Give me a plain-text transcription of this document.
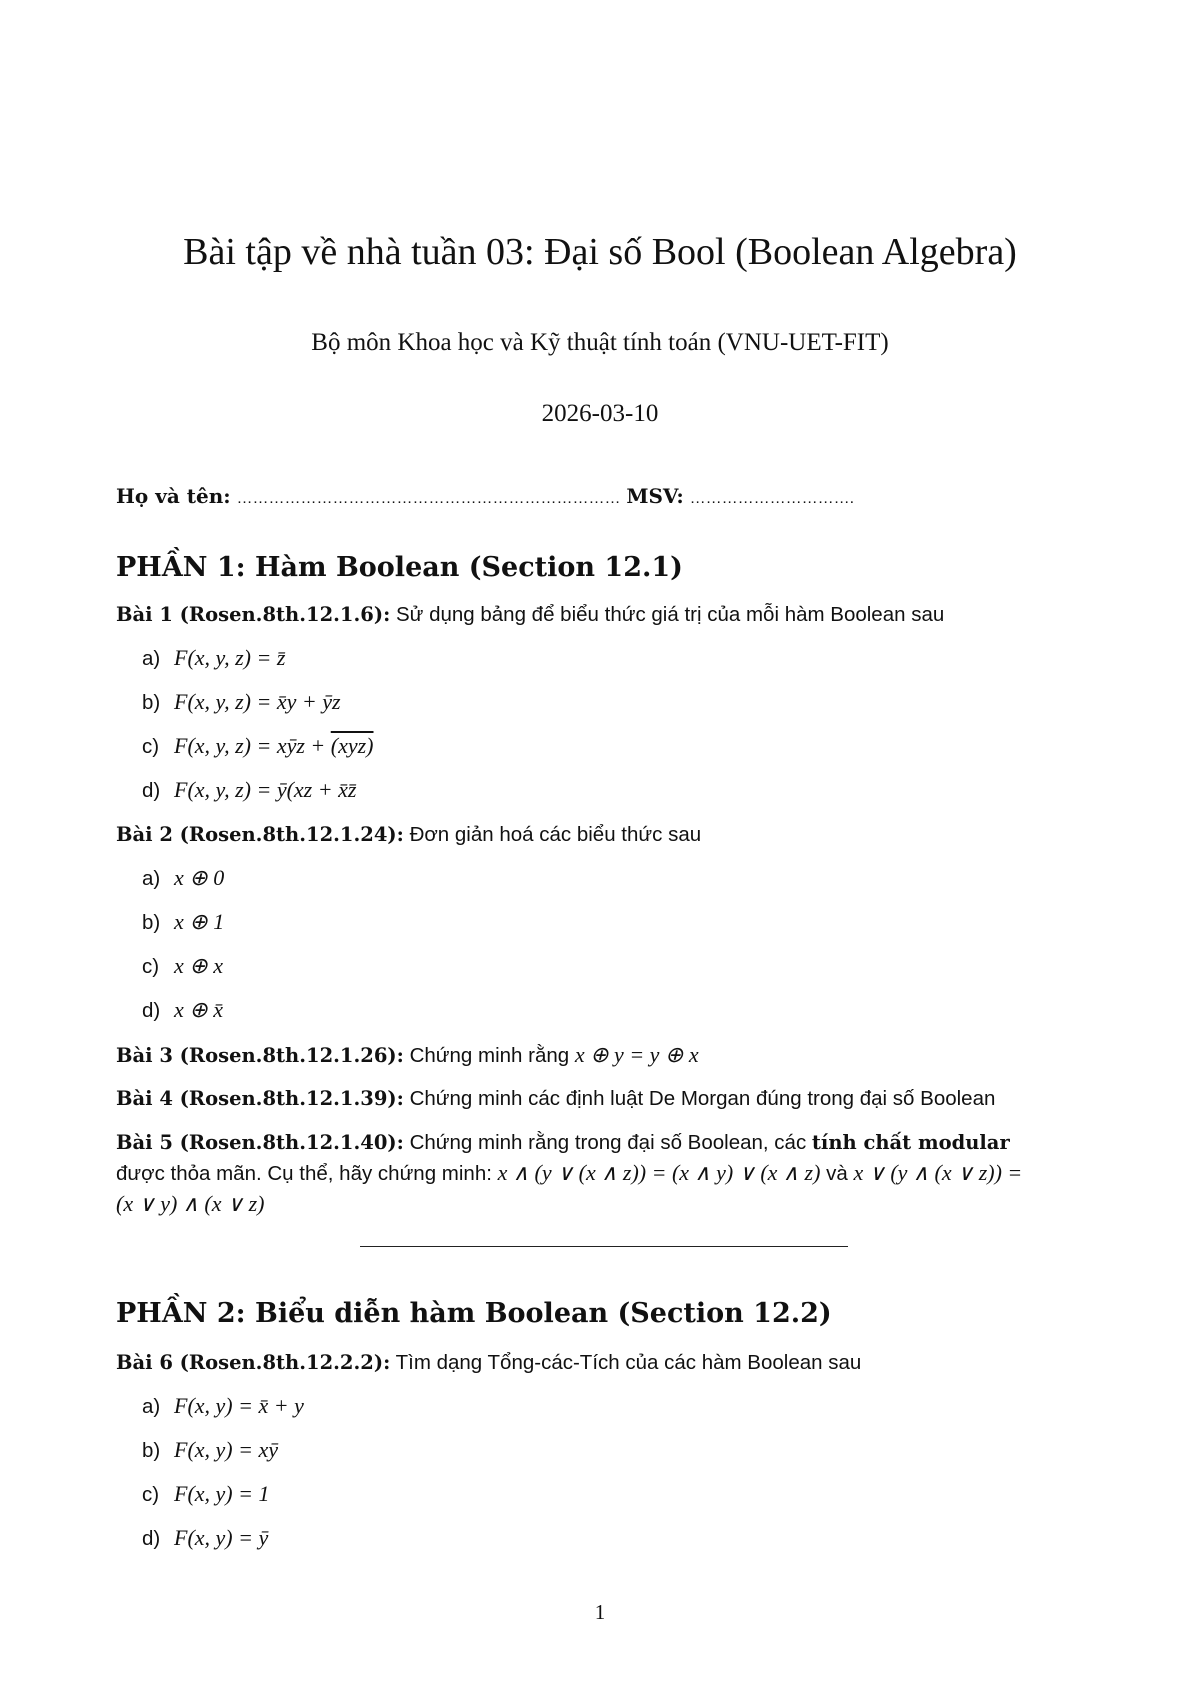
Bài tập về nhà tuần 03: Đại số Bool (Boolean Algebra)
Bộ môn Khoa học và Kỹ thuật tính toán (VNU-UET-FIT)
2026-03-10
Họ và tên: ……………………………………………………………… MSV: ………………………….
PHẦN 1: Hàm Boolean (Section 12.1)
Bài 1 (Rosen.8th.12.1.6): Sử dụng bảng để biểu thức giá trị của mỗi hàm Boolean sau
a) F(x, y, z) = z̄
b) F(x, y, z) = x̄y + ȳz
c) F(x, y, z) = xȳz + (xyz)
d) F(x, y, z) = ȳ(xz + x̄z̄
Bài 2 (Rosen.8th.12.1.24): Đơn giản hoá các biểu thức sau
a) x ⊕ 0
b) x ⊕ 1
c) x ⊕ x
d) x ⊕ x̄
Bài 3 (Rosen.8th.12.1.26): Chứng minh rằng x ⊕ y = y ⊕ x
Bài 4 (Rosen.8th.12.1.39): Chứng minh các định luật De Morgan đúng trong đại số Boolean
Bài 5 (Rosen.8th.12.1.40): Chứng minh rằng trong đại số Boolean, các tính chất modular
được thỏa mãn. Cụ thể, hãy chứng minh: x ∧ (y ∨ (x ∧ z)) = (x ∧ y) ∨ (x ∧ z) và x ∨ (y ∧ (x ∨ z)) =
(x ∨ y) ∧ (x ∨ z)
PHẦN 2: Biểu diễn hàm Boolean (Section 12.2)
Bài 6 (Rosen.8th.12.2.2): Tìm dạng Tổng-các-Tích của các hàm Boolean sau
a) F(x, y) = x̄ + y
b) F(x, y) = xȳ
c) F(x, y) = 1
d) F(x, y) = ȳ
1
